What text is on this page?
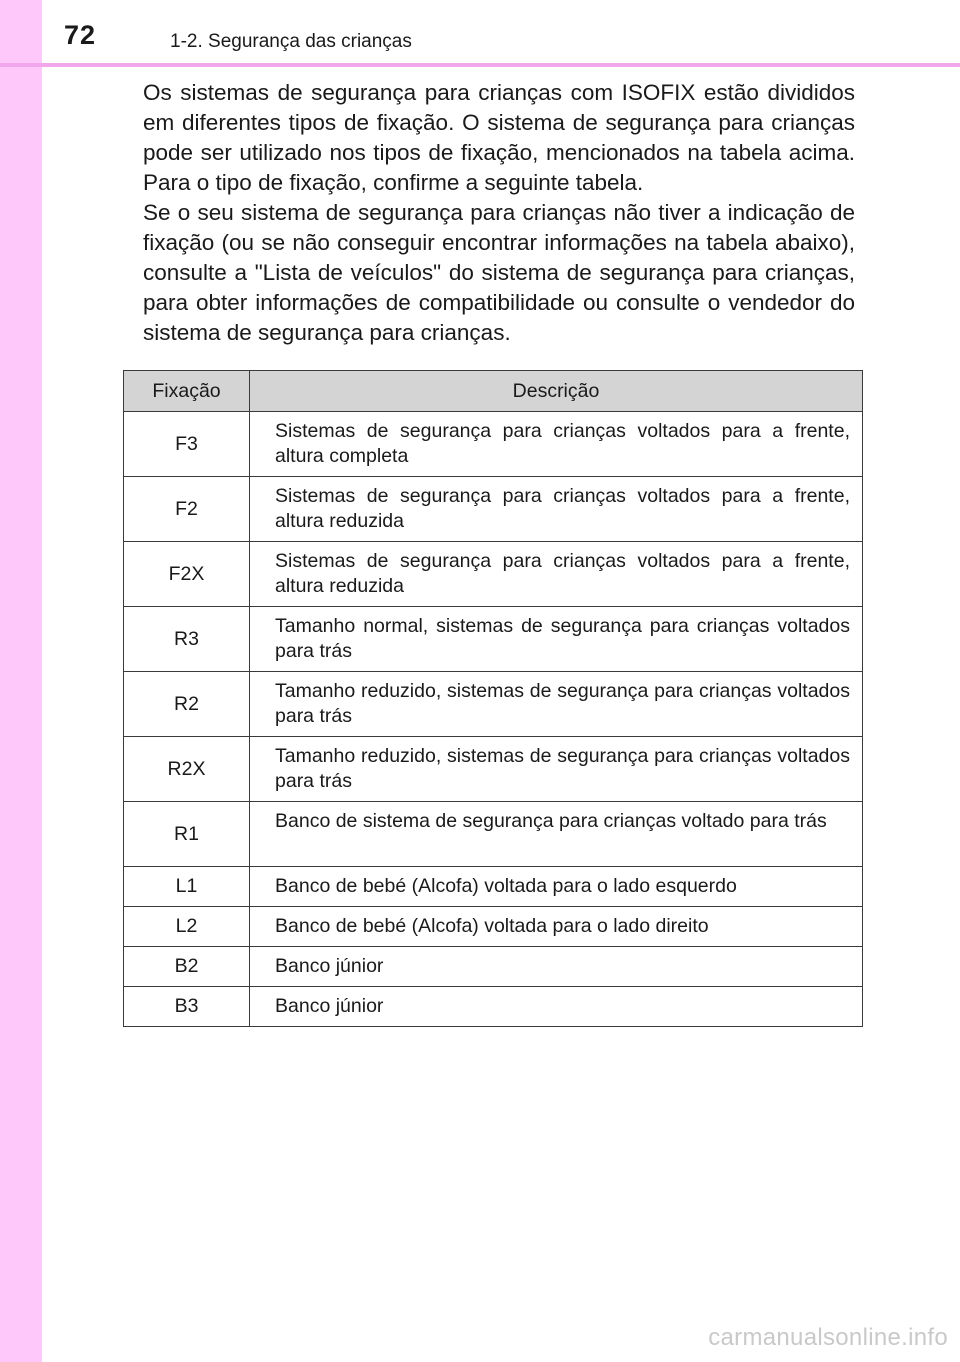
72	1-2. Segurança das crianças

Os sistemas de segurança para crianças com ISOFIX estão divididos em diferentes tipos de fixação. O sistema de segurança para crianças pode ser utilizado nos tipos de fixação, mencionados na tabela acima. Para o tipo de fixação, confirme a seguinte tabela.

Se o seu sistema de segurança para crianças não tiver a indicação de fixação (ou se não conseguir encontrar informações na tabela abaixo), consulte a "Lista de veículos" do sistema de segurança para crianças, para obter informações de compatibilidade ou consulte o vendedor do sistema de segurança para crianças.

Fixação	Descrição
F3	Sistemas de segurança para crianças voltados para a frente, altura completa
F2	Sistemas de segurança para crianças voltados para a frente, altura reduzida
F2X	Sistemas de segurança para crianças voltados para a frente, altura reduzida
R3	Tamanho normal, sistemas de segurança para crianças voltados para trás
R2	Tamanho reduzido, sistemas de segurança para crianças voltados para trás
R2X	Tamanho reduzido, sistemas de segurança para crianças voltados para trás
R1	Banco de sistema de segurança para crianças voltado para trás
L1	Banco de bebé (Alcofa) voltada para o lado esquerdo
L2	Banco de bebé (Alcofa) voltada para o lado direito
B2	Banco júnior
B3	Banco júnior
carmanualsonline.info
